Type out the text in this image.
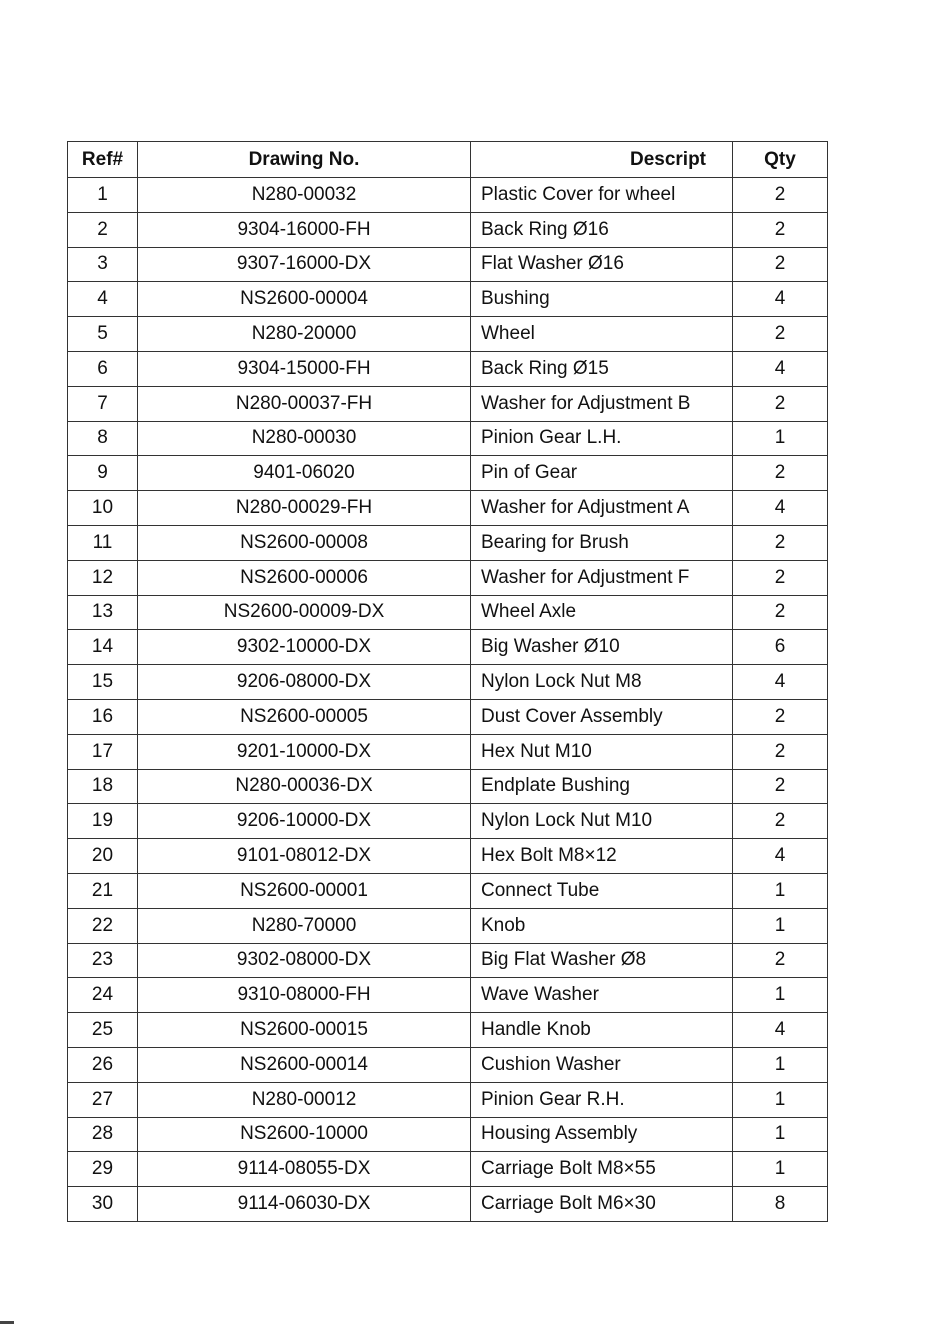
Ref#	Drawing No.	Descript	Qty
1	N280-00032	Plastic Cover for wheel	2
2	9304-16000-FH	Back Ring Ø16	2
3	9307-16000-DX	Flat Washer Ø16	2
4	NS2600-00004	Bushing	4
5	N280-20000	Wheel	2
6	9304-15000-FH	Back Ring Ø15	4
7	N280-00037-FH	Washer for Adjustment B	2
8	N280-00030	Pinion Gear L.H.	1
9	9401-06020	Pin of Gear	2
10	N280-00029-FH	Washer for Adjustment A	4
11	NS2600-00008	Bearing for Brush	2
12	NS2600-00006	Washer for Adjustment F	2
13	NS2600-00009-DX	Wheel Axle	2
14	9302-10000-DX	Big Washer Ø10	6
15	9206-08000-DX	Nylon Lock Nut M8	4
16	NS2600-00005	Dust Cover Assembly	2
17	9201-10000-DX	Hex Nut M10	2
18	N280-00036-DX	Endplate Bushing	2
19	9206-10000-DX	Nylon Lock Nut M10	2
20	9101-08012-DX	Hex Bolt M8×12	4
21	NS2600-00001	Connect Tube	1
22	N280-70000	Knob	1
23	9302-08000-DX	Big Flat Washer Ø8	2
24	9310-08000-FH	Wave Washer	1
25	NS2600-00015	Handle Knob	4
26	NS2600-00014	Cushion Washer	1
27	N280-00012	Pinion Gear R.H.	1
28	NS2600-10000	Housing Assembly	1
29	9114-08055-DX	Carriage Bolt M8×55	1
30	9114-06030-DX	Carriage Bolt M6×30	8
